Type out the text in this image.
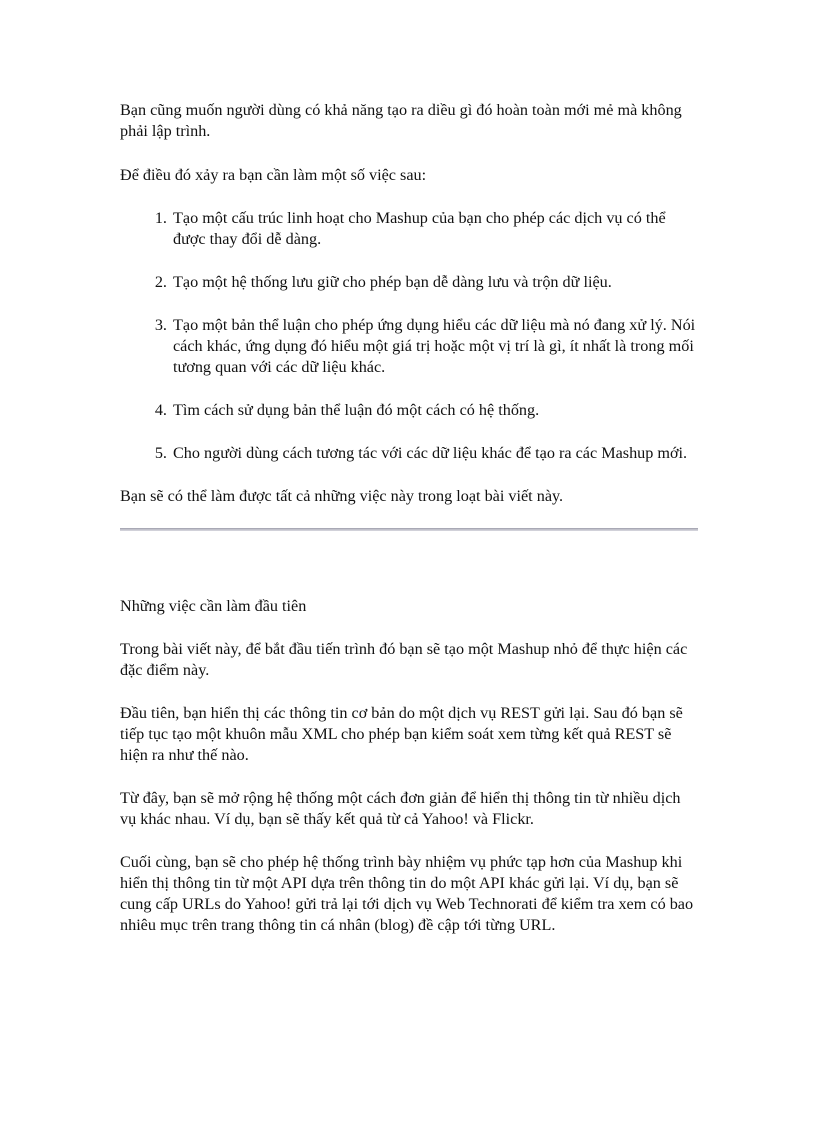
Bạn cũng muốn người dùng có khả năng tạo ra diều gì đó hoàn toàn mới mẻ mà không phải lập trình.

Để điều đó xảy ra bạn cần làm một số việc sau:

1. Tạo một cấu trúc linh hoạt cho Mashup của bạn cho phép các dịch vụ có thể được thay đổi dễ dàng.
2. Tạo một hệ thống lưu giữ cho phép bạn dễ dàng lưu và trộn dữ liệu.
3. Tạo một bản thể luận cho phép ứng dụng hiểu các dữ liệu mà nó đang xử lý. Nói cách khác, ứng dụng đó hiểu một giá trị hoặc một vị trí là gì, ít nhất là trong mối tương quan với các dữ liệu khác.
4. Tìm cách sử dụng bản thể luận đó một cách có hệ thống.
5. Cho người dùng cách tương tác với các dữ liệu khác để tạo ra các Mashup mới.

Bạn sẽ có thể làm được tất cả những việc này trong loạt bài viết này.

Những việc cần làm đầu tiên

Trong bài viết này, để bắt đầu tiến trình đó bạn sẽ tạo một Mashup nhỏ để thực hiện các đặc điểm này.

Đầu tiên, bạn hiển thị các thông tin cơ bản do một dịch vụ REST gửi lại. Sau đó bạn sẽ tiếp tục tạo một khuôn mẫu XML cho phép bạn kiểm soát xem từng kết quả REST sẽ hiện ra như thế nào.

Từ đây, bạn sẽ mở rộng hệ thống một cách đơn giản để hiển thị thông tin từ nhiều dịch vụ khác nhau. Ví dụ, bạn sẽ thấy kết quả từ cả Yahoo! và Flickr.

Cuối cùng, bạn sẽ cho phép hệ thống trình bày nhiệm vụ phức tạp hơn của Mashup khi hiển thị thông tin từ một API dựa trên thông tin do một API khác gửi lại. Ví dụ, bạn sẽ cung cấp URLs do Yahoo! gửi trả lại tới dịch vụ Web Technorati để kiểm tra xem có bao nhiêu mục trên trang thông tin cá nhân (blog) đề cập tới từng URL.
